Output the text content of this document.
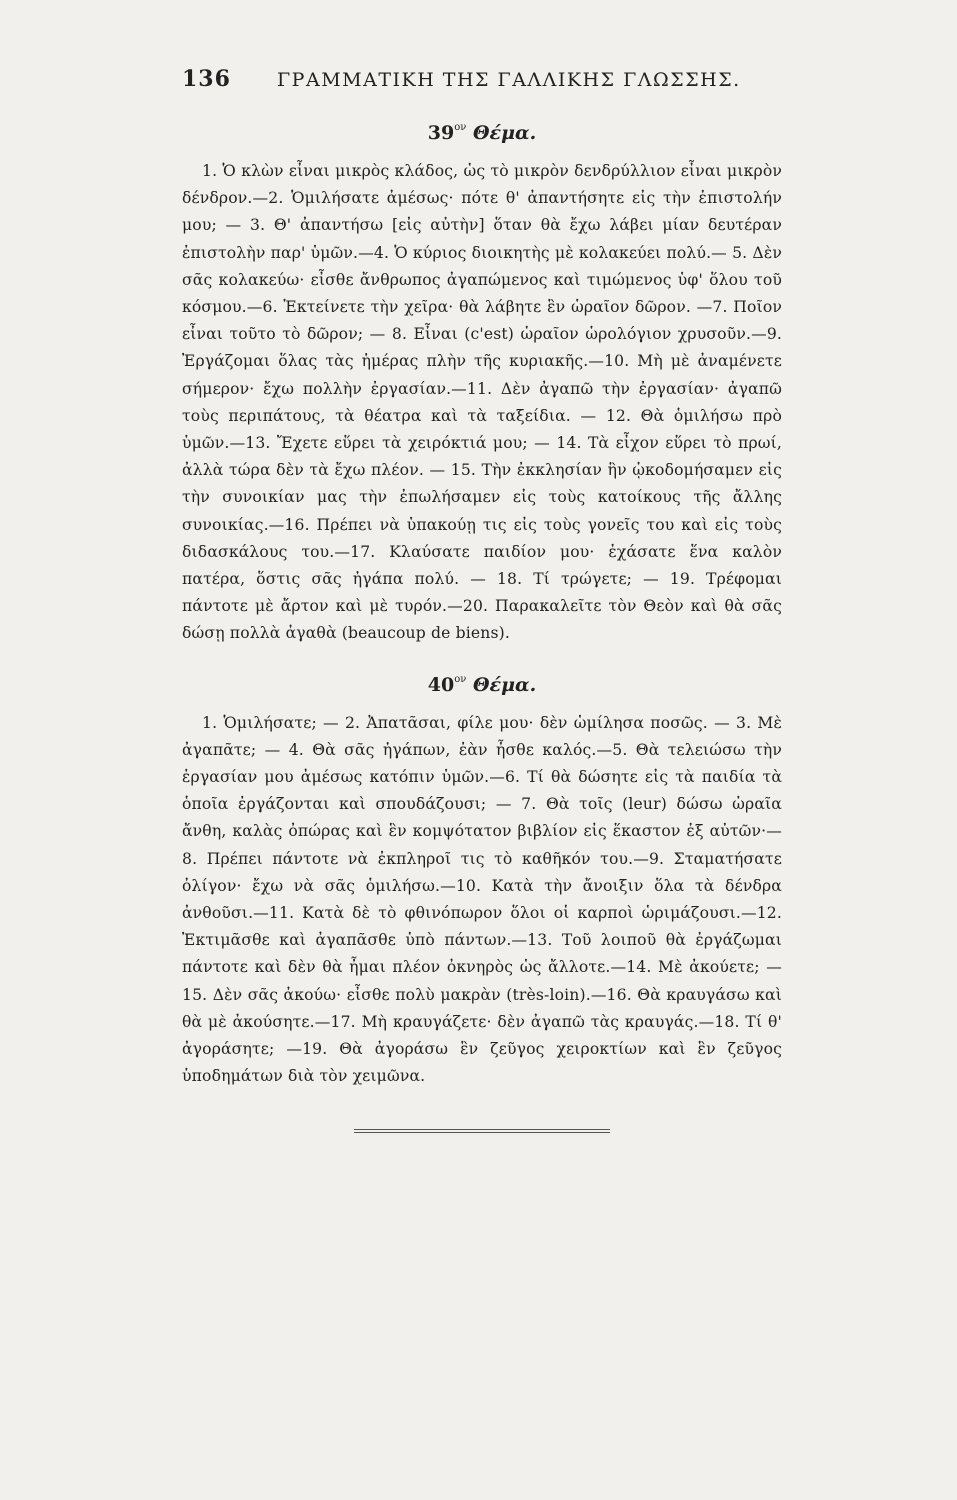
136	ΓΡΑΜΜΑΤΙΚΗ ΤΗΣ ΓΑΛΛΙΚΗΣ ΓΛΩΣΣΗΣ.
$39^{o\nu}$ Θέμα.

1. Ὁ κλὼν εἶναι μικρὸς κλάδος, ὡς τὸ μικρὸν δενδρύλλιον εἶναι μικρὸν δένδρον.—2. Ὁμιλήσατε ἀμέσως· πότε θ' ἀπαντήσητε εἰς τὴν ἐπιστολήν μου; — 3. Θ' ἀπαντήσω [εἰς αὐτὴν] ὅταν θὰ ἔχω λάβει μίαν δευτέραν ἐπιστολὴν παρ' ὑμῶν.—4. Ὁ κύριος διοικητὴς μὲ κολακεύει πολύ.— 5. Δὲν σᾶς κολακεύω· εἶσθε ἄνθρωπος ἀγαπώμενος καὶ τιμώμενος ὑφ' ὅλου τοῦ κόσμου.—6. Ἐκτείνετε τὴν χεῖρα· θὰ λάβητε ἓν ὡραῖον δῶρον. —7. Ποῖον εἶναι τοῦτο τὸ δῶρον; — 8. Εἶναι (c'est) ὡραῖον ὡρολόγιον χρυσοῦν.—9. Ἐργάζομαι ὅλας τὰς ἡμέρας πλὴν τῆς κυριακῆς.—10. Μὴ μὲ ἀναμένετε σήμερον· ἔχω πολλὴν ἐργασίαν.—11. Δὲν ἀγαπῶ τὴν ἐργασίαν· ἀγαπῶ τοὺς περιπάτους, τὰ θέατρα καὶ τὰ ταξείδια. — 12. Θὰ ὁμιλήσω πρὸ ὑμῶν.—13. Ἔχετε εὕρει τὰ χειρόκτιά μου; — 14. Τὰ εἶχον εὕρει τὸ πρωί, ἀλλὰ τώρα δὲν τὰ ἔχω πλέον. — 15. Τὴν ἐκκλησίαν ἣν ᾠκοδομήσαμεν εἰς τὴν συνοικίαν μας τὴν ἐπωλήσαμεν εἰς τοὺς κατοίκους τῆς ἄλλης συνοικίας.—16. Πρέπει νὰ ὑπακούῃ τις εἰς τοὺς γονεῖς του καὶ εἰς τοὺς διδασκάλους του.—17. Κλαύσατε παιδίον μου· ἐχάσατε ἕνα καλὸν πατέρα, ὅστις σᾶς ἠγάπα πολύ. — 18. Τί τρώγετε; — 19. Τρέφομαι πάντοτε μὲ ἄρτον καὶ μὲ τυρόν.—20. Παρακαλεῖτε τὸν Θεὸν καὶ θὰ σᾶς δώσῃ πολλὰ ἀγαθὰ (beaucoup de biens).

$40^{o\nu}$ Θέμα.

1. Ὁμιλήσατε; — 2. Ἀπατᾶσαι, φίλε μου· δὲν ὡμίλησα ποσῶς. — 3. Μὲ ἀγαπᾶτε; — 4. Θὰ σᾶς ἠγάπων, ἐὰν ἦσθε καλός.—5. Θὰ τελειώσω τὴν ἐργασίαν μου ἀμέσως κατόπιν ὑμῶν.—6. Τί θὰ δώσητε εἰς τὰ παιδία τὰ ὁποῖα ἐργάζονται καὶ σπουδάζουσι; — 7. Θὰ τοῖς (leur) δώσω ὡραῖα ἄνθη, καλὰς ὀπώρας καὶ ἓν κομψότατον βιβλίον εἰς ἕκαστον ἐξ αὐτῶν·— 8. Πρέπει πάντοτε νὰ ἐκπληροῖ τις τὸ καθῆκόν του.—9. Σταματήσατε ὀλίγον· ἔχω νὰ σᾶς ὁμιλήσω.—10. Κατὰ τὴν ἄνοιξιν ὅλα τὰ δένδρα ἀνθοῦσι.—11. Κατὰ δὲ τὸ φθινόπωρον ὅλοι οἱ καρποὶ ὡριμάζουσι.—12. Ἐκτιμᾶσθε καὶ ἀγαπᾶσθε ὑπὸ πάντων.—13. Τοῦ λοιποῦ θὰ ἐργάζωμαι πάντοτε καὶ δὲν θὰ ἦμαι πλέον ὀκνηρὸς ὡς ἄλλοτε.—14. Μὲ ἀκούετε; — 15. Δὲν σᾶς ἀκούω· εἶσθε πολὺ μακρὰν (très-loin).—16. Θὰ κραυγάσω καὶ θὰ μὲ ἀκούσητε.—17. Μὴ κραυγάζετε· δὲν ἀγαπῶ τὰς κραυγάς.—18. Τί θ' ἀγοράσητε; —19. Θὰ ἀγοράσω ἓν ζεῦγος χειροκτίων καὶ ἓν ζεῦγος ὑποδημάτων διὰ τὸν χειμῶνα.
